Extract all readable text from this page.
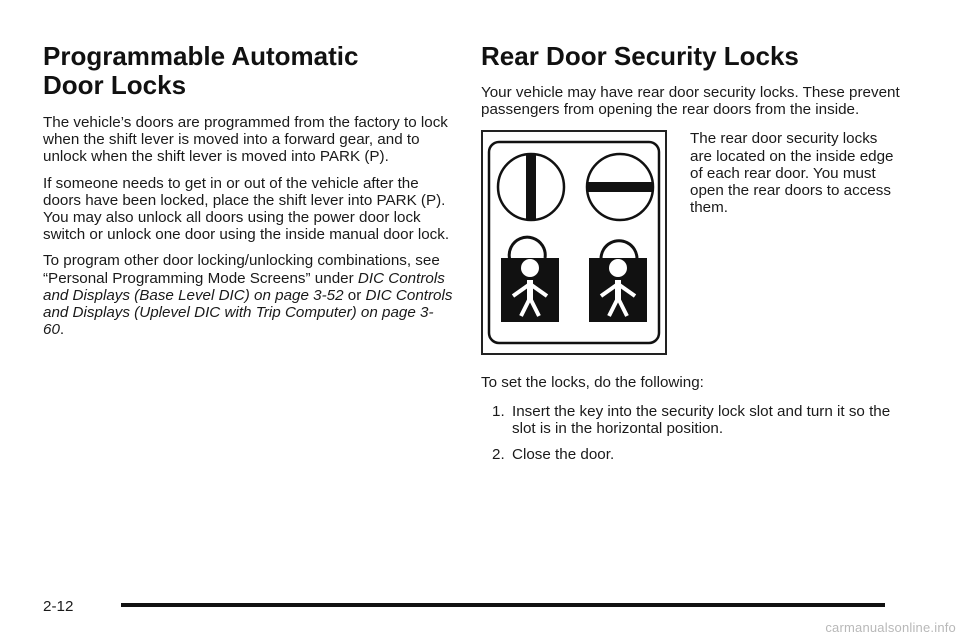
Programmable Automatic
Door Locks

The vehicle’s doors are programmed from the factory to lock when the shift lever is moved into a forward gear, and to unlock when the shift lever is moved into PARK (P).

If someone needs to get in or out of the vehicle after the doors have been locked, place the shift lever into PARK (P). You may also unlock all doors using the power door lock switch or unlock one door using the inside manual door lock.

To program other door locking/unlocking combinations, see “Personal Programming Mode Screens” under DIC Controls and Displays (Base Level DIC) on page 3-52 or DIC Controls and Displays (Uplevel DIC with Trip Computer) on page 3-60.

Rear Door Security Locks

Your vehicle may have rear door security locks. These prevent passengers from opening the rear doors from the inside.

The rear door security locks are located on the inside edge of each rear door. You must open the rear doors to access them.

To set the locks, do the following:

1. Insert the key into the security lock slot and turn it so the slot is in the horizontal position.
2. Close the door.
2-12
carmanualsonline.info
